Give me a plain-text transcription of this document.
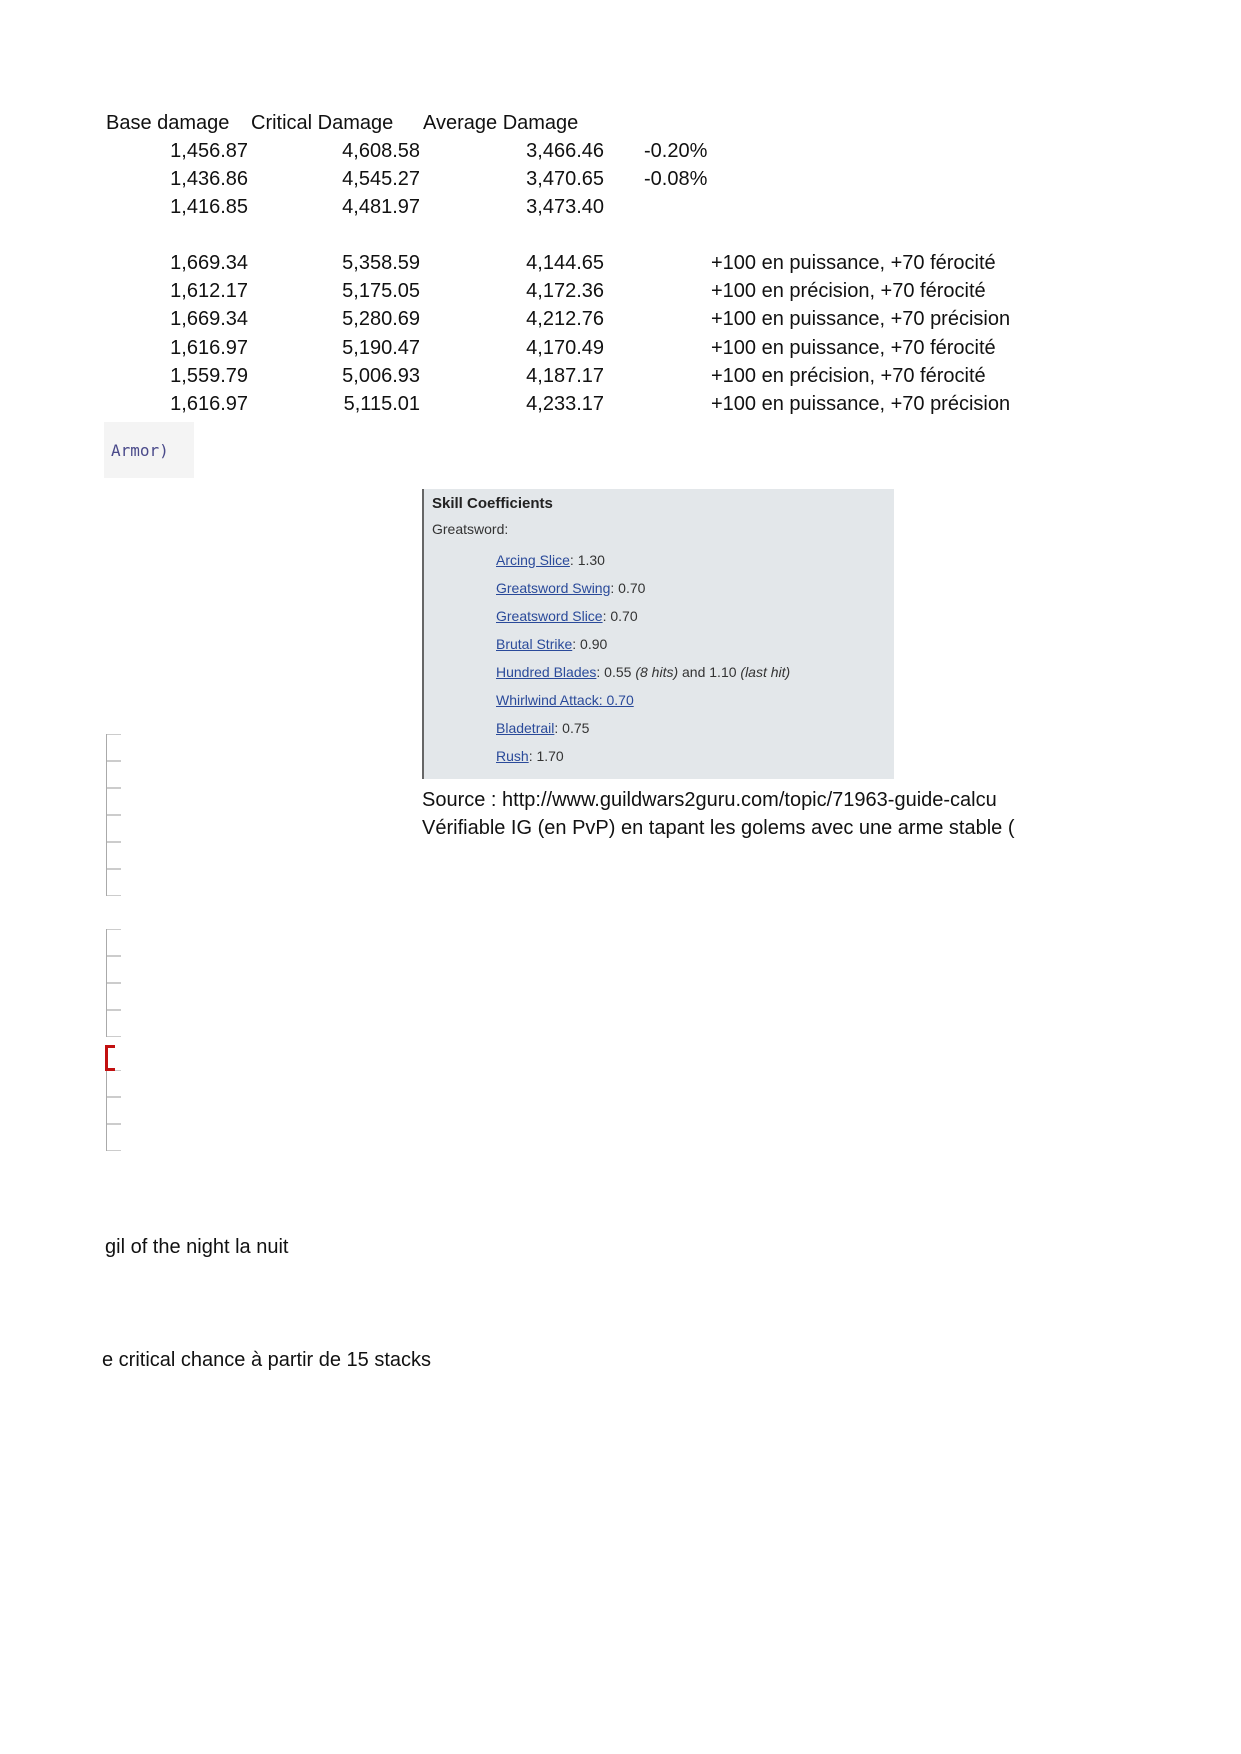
Base damage Critical Damage Average Damage
1,456.87	4,608.58	3,466.46 -0.20%
1,436.86	4,545.27	3,470.65 -0.08%
1,416.85	4,481.97	3,473.40
1,669.34	5,358.59	4,144.65	+100 en puissance, +70 férocité
1,612.17	5,175.05	4,172.36	+100 en précision, +70 férocité
1,669.34	5,280.69	4,212.76	+100 en puissance, +70 précision
1,616.97	5,190.47	4,170.49	+100 en puissance, +70 férocité
1,559.79	5,006.93	4,187.17	+100 en précision, +70 férocité
1,616.97	5,115.01	4,233.17	+100 en puissance, +70 précision
Armor)
Skill Coefficients
Greatsword:
Arcing Slice: 1.30
Greatsword Swing: 0.70
Greatsword Slice: 0.70
Brutal Strike: 0.90
Hundred Blades: 0.55 (8 hits) and 1.10 (last hit)
Whirlwind Attack: 0.70
Bladetrail: 0.75
Rush: 1.70
Source : http://www.guildwars2guru.com/topic/71963-guide-calcu
Vérifiable IG (en PvP) en tapant les golems avec une arme stable (
gil of the night la nuit
e critical chance à partir de 15 stacks
